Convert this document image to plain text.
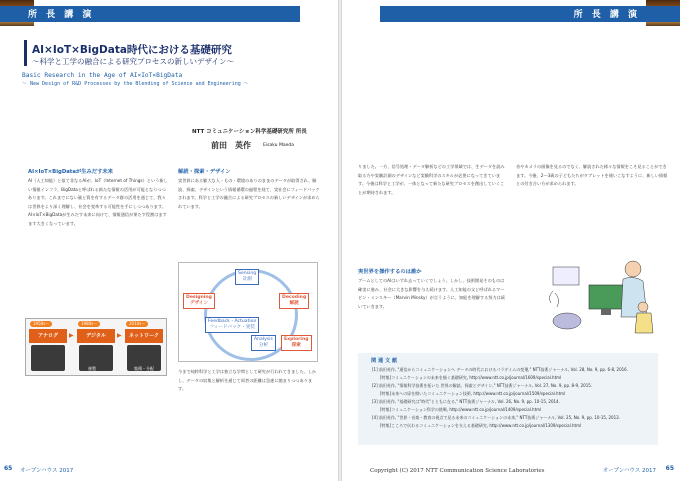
所 長 講 演
AI×IoT×BigData時代における基礎研究
〜科学と工学の融合による研究プロセスの新しいデザイン〜
Basic Research in the Age of AI×IoT×BigData
〜 New Design of R&D Processes by the Blending of Science and Engineering 〜
NTT コミュニケーション科学基礎研究所 所長
前田　英作	Eisaku Maeda
AI×IoT×BigDataが生みだす未来
AI（人工知能）と似て非なるAIが、IoT（Internet of Things）という新しい情報インフラ、BigDataと呼ばれる新たな情報の活用が可能となりつつあります。これまでにない量と質を有するデータ群の活用を通じて、我々は世界をより深く理解し、社会を変革する可能性を手にしつつあります。AI×IoT×BigDataが生みだす未来に向けて、情報通信が果たす役割はますます大きくなっています。
解読・探索・デザイン
実世界にある膨大な人・もの・環境のありのままのデータが取得され、解読、探索、デザインという情報循環の過程を経て、実社会にフィードバックされます。科学と工学の融合による研究プロセスの新しいデザインが求められています。
1950s〜	1980s〜	2010s〜
アナログ	▶	デジタル	▶	ネットワーク
複製	集積・分配
Sensing
計測
Designing
デザイン
Decoding
解読
Feedback・Actuation
フィードバック・実装
Analysis
分析
Exploring
探索
今まで純粋科学と工学は独立な学問として研究が行われてきました。しかし、データの収集と解析を通じて両者の距離は急速に縮まりつつあります。
65 オープンハウス 2017
所 長 講 演
りました。一方、信号処理・データ解析などの工学領域では、生データを読み取る方や実験計測のデザインなど実験科学のスキルが必要になってきています。今後は科学と工学が、一体となって新たな研究プロセスを創出していくことが期待されます。
実世界を操作するのは誰か
ブームとしてのAIはいずれ去っていくでしょう。しかし、技術開発そのものは確実に進み、社会に大きな影響を与え続けます。人工知能の父と呼ばれるマービン・ミンスキー（Marvin Minsky）が言うように、知能を理解する努力は続いていきます。
音やカメラの画像を見るのでなく、解読された様々な情報をこそ見ることができます。今後、2〜3歳の子どもたちがタブレットを使いこなすように、新しい情報との付き合い方が求められます。
65
オープンハウス 2017
関 連 文 献
[1] 前田英作, "通信からコミュニケーションへ データの時代におけるパラダイムの変遷," NTT技術ジャーナル, Vol. 28, No. 9, pp. 6-8, 2016.
　　[特集]コミュニケーションの未来を描く基礎研究, http://www.ntt.co.jp/journal/1609/special.html
[2] 前田英作, "情報科学技術を拓いた 世界の解読、探索とデザイン," NTT技術ジャーナル, Vol. 27, No. 9, pp. 8-9, 2015.
　　[特集]未来への扉を開いたコミュニケーション技術, http://www.ntt.co.jp/journal/1509/special.html
[3] 前田英作, "基礎研究は"時代"とともに在る," NTT技術ジャーナル, Vol. 26, No. 9, pp. 10-15, 2014.
　　[特集]コミュニケーション科学の挑戦, http://www.ntt.co.jp/journal/1409/special.html
[4] 前田英作, "世界・音楽・教育の視点で見る未来のコミュニケーションの未来," NTT技術ジャーナル, Vol. 25, No. 9, pp. 10-15, 2013.
　　[特集]こころで伝わるコミュニケーションを支える基礎研究, http://www.ntt.co.jp/journal/1309/special.html
Copyright (C) 2017 NTT Communication Science Laboratories
